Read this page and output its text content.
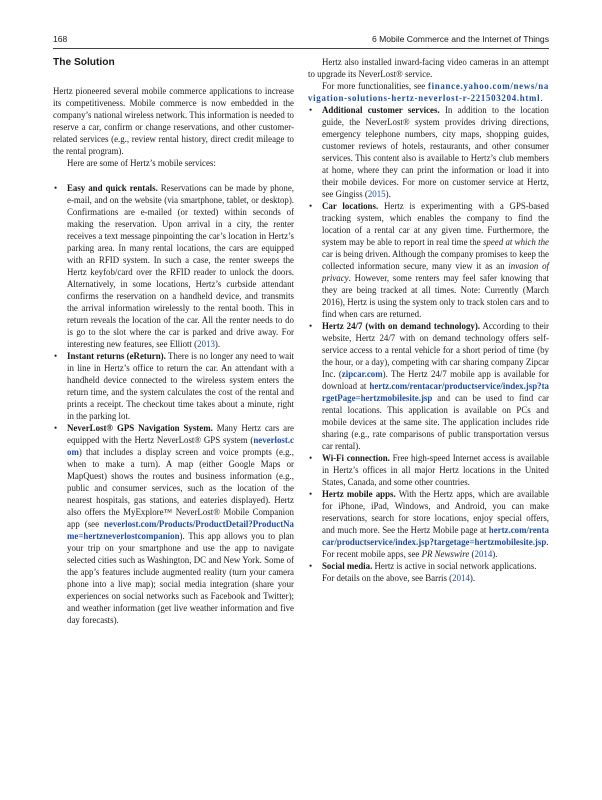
168	6 Mobile Commerce and the Internet of Things
The Solution

Hertz pioneered several mobile commerce applications to increase its competitiveness. Mobile commerce is now embedded in the company’s national wireless network. This information is needed to reserve a car, confirm or change reservations, and other customer-related services (e.g., review rental history, direct credit mileage to the rental program).

Here are some of Hertz’s mobile services:

• Easy and quick rentals. Reservations can be made by phone, e-mail, and on the website (via smartphone, tablet, or desktop). Confirmations are e-mailed (or texted) within seconds of making the reservation. Upon arrival in a city, the renter receives a text message pinpointing the car’s location in Hertz’s parking area. In many rental locations, the cars are equipped with an RFID system. In such a case, the renter sweeps the Hertz keyfob/card over the RFID reader to unlock the doors. Alternatively, in some locations, Hertz’s curbside attendant confirms the reservation on a handheld device, and transmits the arrival information wirelessly to the rental booth. This in return reveals the location of the car. All the renter needs to do is go to the slot where the car is parked and drive away. For interesting new features, see Elliott (2013).
• Instant returns (eReturn). There is no longer any need to wait in line in Hertz’s office to return the car. An attendant with a handheld device connected to the wireless system enters the return time, and the system calculates the cost of the rental and prints a receipt. The checkout time takes about a minute, right in the parking lot.
• NeverLost® GPS Navigation System. Many Hertz cars are equipped with the Hertz NeverLost® GPS system (neverlost.com) that includes a display screen and voice prompts (e.g., when to make a turn). A map (either Google Maps or MapQuest) shows the routes and business information (e.g., public and consumer services, such as the location of the nearest hospitals, gas stations, and eateries displayed). Hertz also offers the MyExplore™ NeverLost® Mobile Companion app (see neverlost.com/Products/ProductDetail?ProductName=hertzneverlostcompanion). This app allows you to plan your trip on your smartphone and use the app to navigate selected cities such as Washington, DC and New York. Some of the app’s features include augmented reality (turn your camera phone into a live map); social media integration (share your experiences on social networks such as Facebook and Twitter); and weather information (get live weather information and five day forecasts).

Hertz also installed inward-facing video cameras in an attempt to upgrade its NeverLost® service.

For more functionalities, see finance.yahoo.com/news/navigation-solutions-hertz-neverlost-r-221503204.html.

• Additional customer services. In addition to the location guide, the NeverLost® system provides driving directions, emergency telephone numbers, city maps, shopping guides, customer reviews of hotels, restaurants, and other consumer services. This content also is available to Hertz’s club members at home, where they can print the information or load it into their mobile devices. For more on customer service at Hertz, see Gingiss (2015).
• Car locations. Hertz is experimenting with a GPS-based tracking system, which enables the company to find the location of a rental car at any given time. Furthermore, the system may be able to report in real time the speed at which the car is being driven. Although the company promises to keep the collected information secure, many view it as an invasion of privacy. However, some renters may feel safer knowing that they are being tracked at all times. Note: Currently (March 2016), Hertz is using the system only to track stolen cars and to find when cars are returned.
• Hertz 24/7 (with on demand technology). According to their website, Hertz 24/7 with on demand technology offers self-service access to a rental vehicle for a short period of time (by the hour, or a day), competing with car sharing company Zipcar Inc. (zipcar.com). The Hertz 24/7 mobile app is available for download at hertz.com/rentacar/productservice/index.jsp?targetPage=hertzmobilesite.jsp and can be used to find car rental locations. This application is available on PCs and mobile devices at the same site. The application includes ride sharing (e.g., rate comparisons of public transportation versus car rental).
• Wi-Fi connection. Free high-speed Internet access is available in Hertz’s offices in all major Hertz locations in the United States, Canada, and some other countries.
• Hertz mobile apps. With the Hertz apps, which are available for iPhone, iPad, Windows, and Android, you can make reservations, search for store locations, enjoy special offers, and much more. See the Hertz Mobile page at hertz.com/rentacar/productservice/index.jsp?targetage=hertzmobilesite.jsp. For recent mobile apps, see PR Newswire (2014).
• Social media. Hertz is active in social network applications.

For details on the above, see Barris (2014).
